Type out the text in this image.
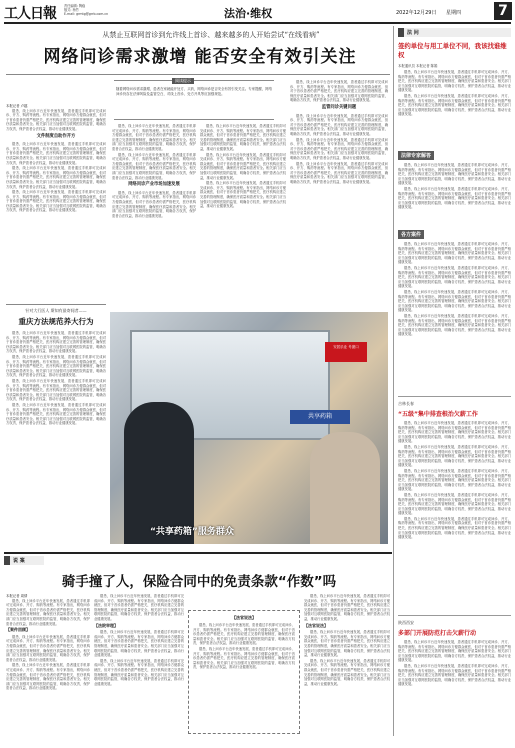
工人日報	责任编辑: 陶稳
版式: 杨竹
E-mail: grmtg@grrb.com.cn	法治·维权	2022年12月29日 星期四	7
从禁止互联网首诊到允许线上首诊、越来越多的人开始尝试“在线看病”
网络问诊需求激增 能否安全有效引关注
阅读提示
随着网络问诊需求激增，患者在家就能开处方、买药，网络问诊是否安全有效引发关注。专家提醒，网络问诊仍存在法律风险及监管空白，对线上首诊、处方开具等应加强规范。
本报记者 卢越

据悉，线上问诊平台近年快速发展，患者通过手机即可完成问诊、开方、购药等流程。有专家指出，网络问诊方便群众就医，但对于首诊患者仍需严格把关，医疗机构应建立完善的管理制度，确保医疗质量和患者安全。相关部门应当加强对互联网医院的监管，明确各方权责，保护患者合法权益，推动行业健康发展。

文件制度自助作开方

据悉，线上问诊平台近年快速发展，患者通过手机即可完成问诊、开方、购药等流程。有专家指出，网络问诊方便群众就医，但对于首诊患者仍需严格把关，医疗机构应建立完善的管理制度，确保医疗质量和患者安全。相关部门应当加强对互联网医院的监管，明确各方权责，保护患者合法权益，推动行业健康发展。

据悉，线上问诊平台近年快速发展，患者通过手机即可完成问诊、开方、购药等流程。有专家指出，网络问诊方便群众就医，但对于首诊患者仍需严格把关，医疗机构应建立完善的管理制度，确保医疗质量和患者安全。相关部门应当加强对互联网医院的监管，明确各方权责，保护患者合法权益，推动行业健康发展。

据悉，线上问诊平台近年快速发展，患者通过手机即可完成问诊、开方、购药等流程。有专家指出，网络问诊方便群众就医，但对于首诊患者仍需严格把关，医疗机构应建立完善的管理制度，确保医疗质量和患者安全。相关部门应当加强对互联网医院的监管，明确各方权责，保护患者合法权益，推动行业健康发展。

据悉，线上问诊平台近年快速发展，患者通过手机即可完成问诊、开方、购药等流程。有专家指出，网络问诊方便群众就医，但对于首诊患者仍需严格把关，医疗机构应建立完善的管理制度，确保医疗质量和患者安全。相关部门应当加强对互联网医院的监管，明确各方权责，保护患者合法权益，推动行业健康发展。

据悉，线上问诊平台近年快速发展，患者通过手机即可完成问诊、开方、购药等流程。有专家指出，网络问诊方便群众就医，但对于首诊患者仍需严格把关，医疗机构应建立完善的管理制度，确保医疗质量和患者安全。相关部门应当加强对互联网医院的监管，明确各方权责，保护患者合法权益，推动行业健康发展。

网络问诊产业市场加速发展

据悉，线上问诊平台近年快速发展，患者通过手机即可完成问诊、开方、购药等流程。有专家指出，网络问诊方便群众就医，但对于首诊患者仍需严格把关，医疗机构应建立完善的管理制度，确保医疗质量和患者安全。相关部门应当加强对互联网医院的监管，明确各方权责，保护患者合法权益，推动行业健康发展。

据悉，线上问诊平台近年快速发展，患者通过手机即可完成问诊、开方、购药等流程。有专家指出，网络问诊方便群众就医，但对于首诊患者仍需严格把关，医疗机构应建立完善的管理制度，确保医疗质量和患者安全。相关部门应当加强对互联网医院的监管，明确各方权责，保护患者合法权益，推动行业健康发展。

据悉，线上问诊平台近年快速发展，患者通过手机即可完成问诊、开方、购药等流程。有专家指出，网络问诊方便群众就医，但对于首诊患者仍需严格把关，医疗机构应建立完善的管理制度，确保医疗质量和患者安全。相关部门应当加强对互联网医院的监管，明确各方权责，保护患者合法权益，推动行业健康发展。

据悉，线上问诊平台近年快速发展，患者通过手机即可完成问诊、开方、购药等流程。有专家指出，网络问诊方便群众就医，但对于首诊患者仍需严格把关，医疗机构应建立完善的管理制度，确保医疗质量和患者安全。相关部门应当加强对互联网医院的监管，明确各方权责，保护患者合法权益，推动行业健康发展。

据悉，线上问诊平台近年快速发展，患者通过手机即可完成问诊、开方、购药等流程。有专家指出，网络问诊方便群众就医，但对于首诊患者仍需严格把关，医疗机构应建立完善的管理制度，确保医疗质量和患者安全。相关部门应当加强对互联网医院的监管，明确各方权责，保护患者合法权益，推动行业健康发展。

监管问诊关键问题

据悉，线上问诊平台近年快速发展，患者通过手机即可完成问诊、开方、购药等流程。有专家指出，网络问诊方便群众就医，但对于首诊患者仍需严格把关，医疗机构应建立完善的管理制度，确保医疗质量和患者安全。相关部门应当加强对互联网医院的监管，明确各方权责，保护患者合法权益，推动行业健康发展。

据悉，线上问诊平台近年快速发展，患者通过手机即可完成问诊、开方、购药等流程。有专家指出，网络问诊方便群众就医，但对于首诊患者仍需严格把关，医疗机构应建立完善的管理制度，确保医疗质量和患者安全。相关部门应当加强对互联网医院的监管，明确各方权责，保护患者合法权益，推动行业健康发展。

据悉，线上问诊平台近年快速发展，患者通过手机即可完成问诊、开方、购药等流程。有专家指出，网络问诊方便群众就医，但对于首诊患者仍需严格把关，医疗机构应建立完善的管理制度，确保医疗质量和患者安全。相关部门应当加强对互联网医院的监管，明确各方权责，保护患者合法权益，推动行业健康发展。

针对大行医人 斯知有最寄间者——
重庆方法规范养大行为

据悉，线上问诊平台近年快速发展，患者通过手机即可完成问诊、开方、购药等流程。有专家指出，网络问诊方便群众就医，但对于首诊患者仍需严格把关，医疗机构应建立完善的管理制度，确保医疗质量和患者安全。相关部门应当加强对互联网医院的监管，明确各方权责，保护患者合法权益，推动行业健康发展。

据悉，线上问诊平台近年快速发展，患者通过手机即可完成问诊、开方、购药等流程。有专家指出，网络问诊方便群众就医，但对于首诊患者仍需严格把关，医疗机构应建立完善的管理制度，确保医疗质量和患者安全。相关部门应当加强对互联网医院的监管，明确各方权责，保护患者合法权益，推动行业健康发展。

据悉，线上问诊平台近年快速发展，患者通过手机即可完成问诊、开方、购药等流程。有专家指出，网络问诊方便群众就医，但对于首诊患者仍需严格把关，医疗机构应建立完善的管理制度，确保医疗质量和患者安全。相关部门应当加强对互联网医院的监管，明确各方权责，保护患者合法权益，推动行业健康发展。

据悉，线上问诊平台近年快速发展，患者通过手机即可完成问诊、开方、购药等流程。有专家指出，网络问诊方便群众就医，但对于首诊患者仍需严格把关，医疗机构应建立完善的管理制度，确保医疗质量和患者安全。相关部门应当加强对互联网医院的监管，明确各方权责，保护患者合法权益，推动行业健康发展。

共享药箱
安居乐业 号窗口
“共享药箱”服务群众
法 问
签约单位与用工单位不同，我该找谁维权
本报通讯员 本报记者 陈娟

据悉，线上问诊平台近年快速发展，患者通过手机即可完成问诊、开方、购药等流程。有专家指出，网络问诊方便群众就医，但对于首诊患者仍需严格把关，医疗机构应建立完善的管理制度，确保医疗质量和患者安全。相关部门应当加强对互联网医院的监管，明确各方权责，保护患者合法权益，推动行业健康发展。

据悉，线上问诊平台近年快速发展，患者通过手机即可完成问诊、开方、购药等流程。有专家指出，网络问诊方便群众就医，但对于首诊患者仍需严格把关，医疗机构应建立完善的管理制度，确保医疗质量和患者安全。相关部门应当加强对互联网医院的监管，明确各方权责，保护患者合法权益，推动行业健康发展。

法律专家解答

据悉，线上问诊平台近年快速发展，患者通过手机即可完成问诊、开方、购药等流程。有专家指出，网络问诊方便群众就医，但对于首诊患者仍需严格把关，医疗机构应建立完善的管理制度，确保医疗质量和患者安全。相关部门应当加强对互联网医院的监管，明确各方权责，保护患者合法权益，推动行业健康发展。

据悉，线上问诊平台近年快速发展，患者通过手机即可完成问诊、开方、购药等流程。有专家指出，网络问诊方便群众就医，但对于首诊患者仍需严格把关，医疗机构应建立完善的管理制度，确保医疗质量和患者安全。相关部门应当加强对互联网医院的监管，明确各方权责，保护患者合法权益，推动行业健康发展。

各方案件

据悉，线上问诊平台近年快速发展，患者通过手机即可完成问诊、开方、购药等流程。有专家指出，网络问诊方便群众就医，但对于首诊患者仍需严格把关，医疗机构应建立完善的管理制度，确保医疗质量和患者安全。相关部门应当加强对互联网医院的监管，明确各方权责，保护患者合法权益，推动行业健康发展。

据悉，线上问诊平台近年快速发展，患者通过手机即可完成问诊、开方、购药等流程。有专家指出，网络问诊方便群众就医，但对于首诊患者仍需严格把关，医疗机构应建立完善的管理制度，确保医疗质量和患者安全。相关部门应当加强对互联网医院的监管，明确各方权责，保护患者合法权益，推动行业健康发展。

据悉，线上问诊平台近年快速发展，患者通过手机即可完成问诊、开方、购药等流程。有专家指出，网络问诊方便群众就医，但对于首诊患者仍需严格把关，医疗机构应建立完善的管理制度，确保医疗质量和患者安全。相关部门应当加强对互联网医院的监管，明确各方权责，保护患者合法权益，推动行业健康发展。

据悉，线上问诊平台近年快速发展，患者通过手机即可完成问诊、开方、购药等流程。有专家指出，网络问诊方便群众就医，但对于首诊患者仍需严格把关，医疗机构应建立完善的管理制度，确保医疗质量和患者安全。相关部门应当加强对互联网医院的监管，明确各方权责，保护患者合法权益，推动行业健康发展。

吉林长春
“五级”集中排查根治欠薪工作

据悉，线上问诊平台近年快速发展，患者通过手机即可完成问诊、开方、购药等流程。有专家指出，网络问诊方便群众就医，但对于首诊患者仍需严格把关，医疗机构应建立完善的管理制度，确保医疗质量和患者安全。相关部门应当加强对互联网医院的监管，明确各方权责，保护患者合法权益，推动行业健康发展。

据悉，线上问诊平台近年快速发展，患者通过手机即可完成问诊、开方、购药等流程。有专家指出，网络问诊方便群众就医，但对于首诊患者仍需严格把关，医疗机构应建立完善的管理制度，确保医疗质量和患者安全。相关部门应当加强对互联网医院的监管，明确各方权责，保护患者合法权益，推动行业健康发展。

据悉，线上问诊平台近年快速发展，患者通过手机即可完成问诊、开方、购药等流程。有专家指出，网络问诊方便群众就医，但对于首诊患者仍需严格把关，医疗机构应建立完善的管理制度，确保医疗质量和患者安全。相关部门应当加强对互联网医院的监管，明确各方权责，保护患者合法权益，推动行业健康发展。

据悉，线上问诊平台近年快速发展，患者通过手机即可完成问诊、开方、购药等流程。有专家指出，网络问诊方便群众就医，但对于首诊患者仍需严格把关，医疗机构应建立完善的管理制度，确保医疗质量和患者安全。相关部门应当加强对互联网医院的监管，明确各方权责，保护患者合法权益，推动行业健康发展。

据悉，线上问诊平台近年快速发展，患者通过手机即可完成问诊、开方、购药等流程。有专家指出，网络问诊方便群众就医，但对于首诊患者仍需严格把关，医疗机构应建立完善的管理制度，确保医疗质量和患者安全。相关部门应当加强对互联网医院的监管，明确各方权责，保护患者合法权益，推动行业健康发展。

陕西西安
多部门开展防范打击欠薪行动

据悉，线上问诊平台近年快速发展，患者通过手机即可完成问诊、开方、购药等流程。有专家指出，网络问诊方便群众就医，但对于首诊患者仍需严格把关，医疗机构应建立完善的管理制度，确保医疗质量和患者安全。相关部门应当加强对互联网医院的监管，明确各方权责，保护患者合法权益，推动行业健康发展。

据悉，线上问诊平台近年快速发展，患者通过手机即可完成问诊、开方、购药等流程。有专家指出，网络问诊方便群众就医，但对于首诊患者仍需严格把关，医疗机构应建立完善的管理制度，确保医疗质量和患者安全。相关部门应当加强对互联网医院的监管，明确各方权责，保护患者合法权益，推动行业健康发展。

说 案
骑手撞了人，保险合同中的免责条款“作数”吗
本报记者 周倩

据悉，线上问诊平台近年快速发展，患者通过手机即可完成问诊、开方、购药等流程。有专家指出，网络问诊方便群众就医，但对于首诊患者仍需严格把关，医疗机构应建立完善的管理制度，确保医疗质量和患者安全。相关部门应当加强对互联网医院的监管，明确各方权责，保护患者合法权益，推动行业健康发展。

【案件回顾】

据悉，线上问诊平台近年快速发展，患者通过手机即可完成问诊、开方、购药等流程。有专家指出，网络问诊方便群众就医，但对于首诊患者仍需严格把关，医疗机构应建立完善的管理制度，确保医疗质量和患者安全。相关部门应当加强对互联网医院的监管，明确各方权责，保护患者合法权益，推动行业健康发展。

据悉，线上问诊平台近年快速发展，患者通过手机即可完成问诊、开方、购药等流程。有专家指出，网络问诊方便群众就医，但对于首诊患者仍需严格把关，医疗机构应建立完善的管理制度，确保医疗质量和患者安全。相关部门应当加强对互联网医院的监管，明确各方权责，保护患者合法权益，推动行业健康发展。

据悉，线上问诊平台近年快速发展，患者通过手机即可完成问诊、开方、购药等流程。有专家指出，网络问诊方便群众就医，但对于首诊患者仍需严格把关，医疗机构应建立完善的管理制度，确保医疗质量和患者安全。相关部门应当加强对互联网医院的监管，明确各方权责，保护患者合法权益，推动行业健康发展。

【法院审理】

据悉，线上问诊平台近年快速发展，患者通过手机即可完成问诊、开方、购药等流程。有专家指出，网络问诊方便群众就医，但对于首诊患者仍需严格把关，医疗机构应建立完善的管理制度，确保医疗质量和患者安全。相关部门应当加强对互联网医院的监管，明确各方权责，保护患者合法权益，推动行业健康发展。

据悉，线上问诊平台近年快速发展，患者通过手机即可完成问诊、开方、购药等流程。有专家指出，网络问诊方便群众就医，但对于首诊患者仍需严格把关，医疗机构应建立完善的管理制度，确保医疗质量和患者安全。相关部门应当加强对互联网医院的监管，明确各方权责，保护患者合法权益，推动行业健康发展。

【法官说法】

据悉，线上问诊平台近年快速发展，患者通过手机即可完成问诊、开方、购药等流程。有专家指出，网络问诊方便群众就医，但对于首诊患者仍需严格把关，医疗机构应建立完善的管理制度，确保医疗质量和患者安全。相关部门应当加强对互联网医院的监管，明确各方权责，保护患者合法权益，推动行业健康发展。

据悉，线上问诊平台近年快速发展，患者通过手机即可完成问诊、开方、购药等流程。有专家指出，网络问诊方便群众就医，但对于首诊患者仍需严格把关，医疗机构应建立完善的管理制度，确保医疗质量和患者安全。相关部门应当加强对互联网医院的监管，明确各方权责，保护患者合法权益，推动行业健康发展。

据悉，线上问诊平台近年快速发展，患者通过手机即可完成问诊、开方、购药等流程。有专家指出，网络问诊方便群众就医，但对于首诊患者仍需严格把关，医疗机构应建立完善的管理制度，确保医疗质量和患者安全。相关部门应当加强对互联网医院的监管，明确各方权责，保护患者合法权益，推动行业健康发展。

【法官说法】

据悉，线上问诊平台近年快速发展，患者通过手机即可完成问诊、开方、购药等流程。有专家指出，网络问诊方便群众就医，但对于首诊患者仍需严格把关，医疗机构应建立完善的管理制度，确保医疗质量和患者安全。相关部门应当加强对互联网医院的监管，明确各方权责，保护患者合法权益，推动行业健康发展。

据悉，线上问诊平台近年快速发展，患者通过手机即可完成问诊、开方、购药等流程。有专家指出，网络问诊方便群众就医，但对于首诊患者仍需严格把关，医疗机构应建立完善的管理制度，确保医疗质量和患者安全。相关部门应当加强对互联网医院的监管，明确各方权责，保护患者合法权益，推动行业健康发展。
